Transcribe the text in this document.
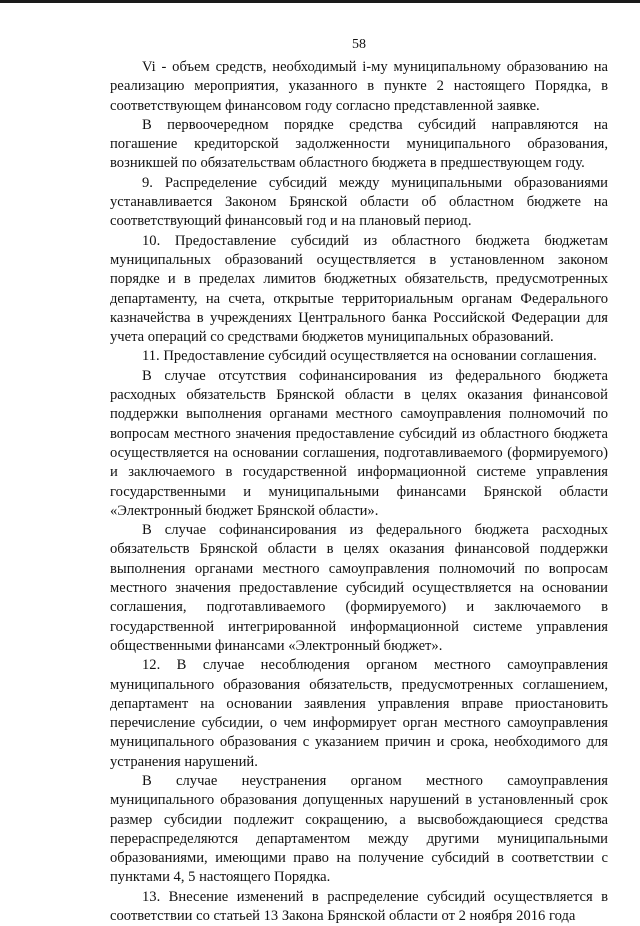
58

Vi - объем средств, необходимый i-му муниципальному образованию на реализацию мероприятия, указанного в пункте 2 настоящего Порядка, в соответствующем финансовом году согласно представленной заявке.

В первоочередном порядке средства субсидий направляются на погашение кредиторской задолженности муниципального образования, возникшей по обязательствам областного бюджета в предшествующем году.

9. Распределение субсидий между муниципальными образованиями устанавливается Законом Брянской области об областном бюджете на соответствующий финансовый год и на плановый период.

10. Предоставление субсидий из областного бюджета бюджетам муниципальных образований осуществляется в установленном законом порядке и в пределах лимитов бюджетных обязательств, предусмотренных департаменту, на счета, открытые территориальным органам Федерального казначейства в учреждениях Центрального банка Российской Федерации для учета операций со средствами бюджетов муниципальных образований.

11. Предоставление субсидий осуществляется на основании соглашения.

В случае отсутствия софинансирования из федерального бюджета расходных обязательств Брянской области в целях оказания финансовой поддержки выполнения органами местного самоуправления полномочий по вопросам местного значения предоставление субсидий из областного бюджета осуществляется на основании соглашения, подготавливаемого (формируемого) и заключаемого в государственной информационной системе управления государственными и муниципальными финансами Брянской области «Электронный бюджет Брянской области».

В случае софинансирования из федерального бюджета расходных обязательств Брянской области в целях оказания финансовой поддержки выполнения органами местного самоуправления полномочий по вопросам местного значения предоставление субсидий осуществляется на основании соглашения, подготавливаемого (формируемого) и заключаемого в государственной интегрированной информационной системе управления общественными финансами «Электронный бюджет».

12. В случае несоблюдения органом местного самоуправления муниципального образования обязательств, предусмотренных соглашением, департамент на основании заявления управления вправе приостановить перечисление субсидии, о чем информирует орган местного самоуправления муниципального образования с указанием причин и срока, необходимого для устранения нарушений.

В случае неустранения органом местного самоуправления муниципального образования допущенных нарушений в установленный срок размер субсидии подлежит сокращению, а высвобождающиеся средства перераспределяются департаментом между другими муниципальными образованиями, имеющими право на получение субсидий в соответствии с пунктами 4, 5 настоящего Порядка.

13. Внесение изменений в распределение субсидий осуществляется в соответствии со статьей 13 Закона Брянской области от 2 ноября 2016 года
